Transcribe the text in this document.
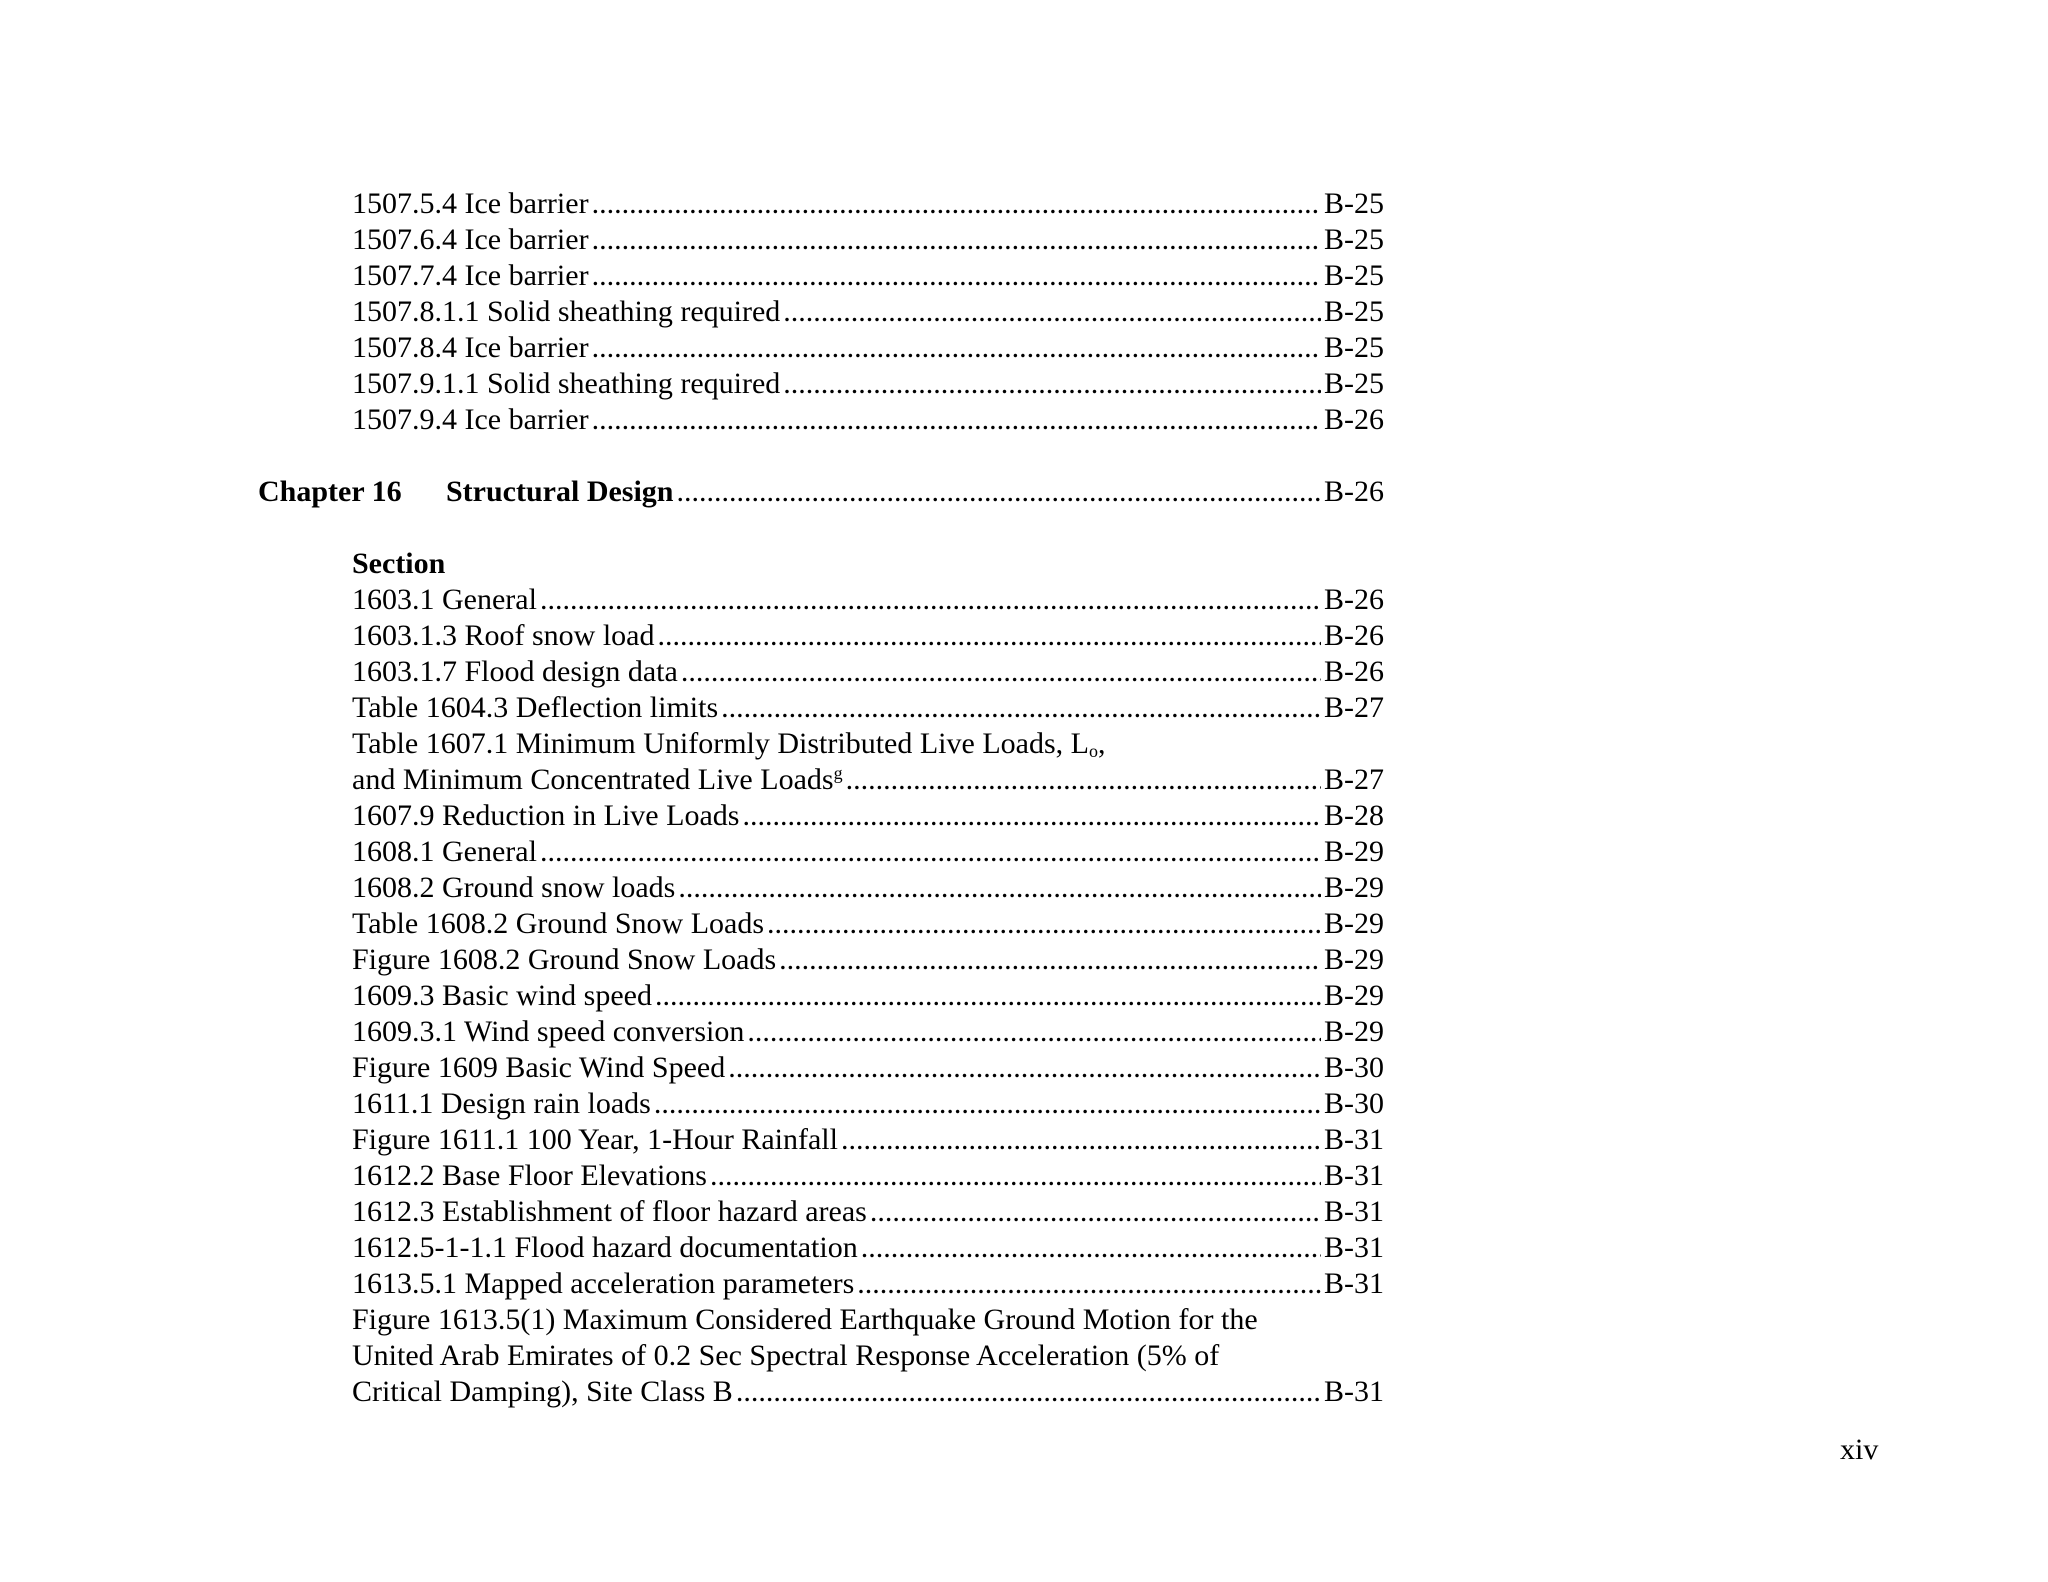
1507.5.4 Ice barrier .....	B-25
1507.6.4 Ice barrier .....	B-25
1507.7.4 Ice barrier .....	B-25
1507.8.1.1 Solid sheathing required .....	B-25
1507.8.4 Ice barrier .....	B-25
1507.9.1.1 Solid sheathing required .....	B-25
1507.9.4 Ice barrier .....	B-26
Chapter 16	Structural Design .....	B-26
Section
1603.1 General .....	B-26
1603.1.3 Roof snow load .....	B-26
1603.1.7 Flood design data .....	B-26
Table 1604.3 Deflection limits .....	B-27
Table 1607.1 Minimum Uniformly Distributed Live Loads, $L_o$,
and Minimum Concentrated Live Loads$^g$ .....	B-27
1607.9 Reduction in Live Loads .....	B-28
1608.1 General .....	B-29
1608.2 Ground snow loads .....	B-29
Table 1608.2 Ground Snow Loads .....	B-29
Figure 1608.2 Ground Snow Loads .....	B-29
1609.3 Basic wind speed .....	B-29
1609.3.1 Wind speed conversion .....	B-29
Figure 1609 Basic Wind Speed .....	B-30
1611.1 Design rain loads .....	B-30
Figure 1611.1 100 Year, 1-Hour Rainfall .....	B-31
1612.2 Base Floor Elevations .....	B-31
1612.3 Establishment of floor hazard areas .....	B-31
1612.5-1-1.1 Flood hazard documentation .....	B-31
1613.5.1 Mapped acceleration parameters .....	B-31
Figure 1613.5(1) Maximum Considered Earthquake Ground Motion for the
United Arab Emirates of 0.2 Sec Spectral Response Acceleration (5% of
Critical Damping), Site Class B .....	B-31
xiv
